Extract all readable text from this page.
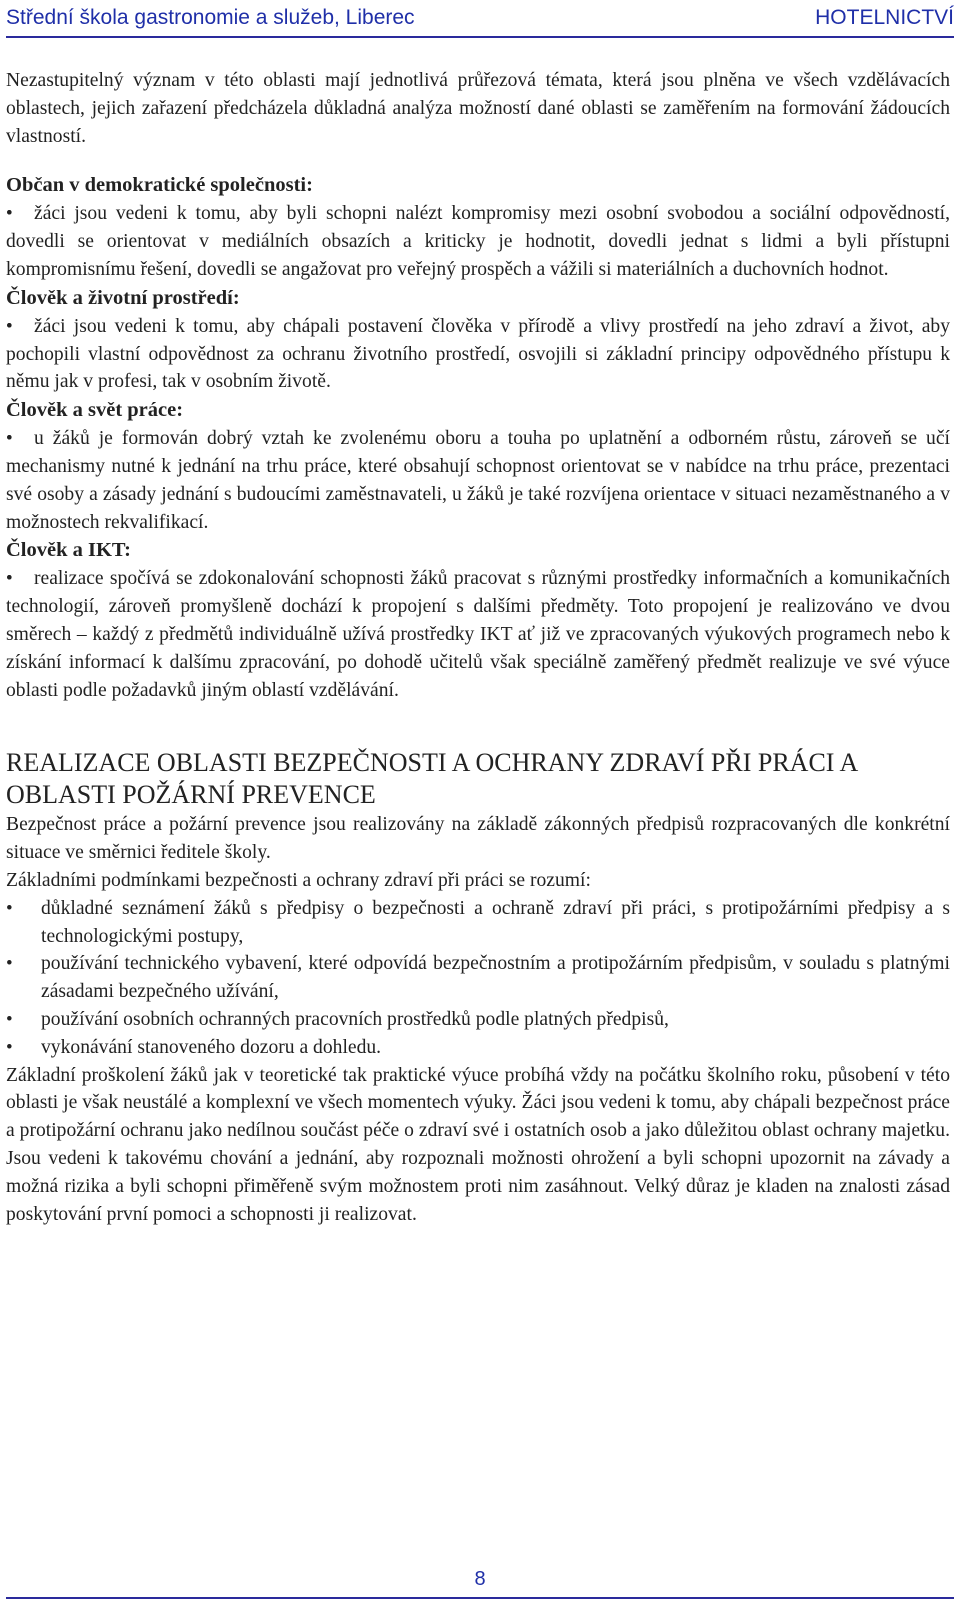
Střední škola gastronomie a služeb, Liberec	HOTELNICTVÍ

Nezastupitelný význam v této oblasti mají jednotlivá průřezová témata, která jsou plněna ve všech vzdělávacích oblastech, jejich zařazení předcházela důkladná analýza možností dané oblasti se zaměřením na formování žádoucích vlastností.

Občan v demokratické společnosti:

• • žáci jsou vedeni k tomu, aby byli schopni nalézt kompromisy mezi osobní svobodou a sociální odpovědností, dovedli se orientovat v mediálních obsazích a kriticky je hodnotit, dovedli jednat s lidmi a byli přístupni kompromisnímu řešení, dovedli se angažovat pro veřejný prospěch a vážili si materiálních a duchovních hodnot.

Člověk a životní prostředí:

• • žáci jsou vedeni k tomu, aby chápali postavení člověka v přírodě a vlivy prostředí na jeho zdraví a život, aby pochopili vlastní odpovědnost za ochranu životního prostředí, osvojili si základní principy odpovědného přístupu k němu jak v profesi, tak v osobním životě.

Člověk a svět práce:

• • u žáků je formován dobrý vztah ke zvolenému oboru a touha po uplatnění a odborném růstu, zároveň se učí mechanismy nutné k jednání na trhu práce, které obsahují schopnost orientovat se v nabídce na trhu práce, prezentaci své osoby a zásady jednání s budoucími zaměstnavateli, u žáků je také rozvíjena orientace v situaci nezaměstnaného a v možnostech rekvalifikací.

Člověk a IKT:

• • realizace spočívá se zdokonalování schopnosti žáků pracovat s různými prostředky informačních a komunikačních technologií, zároveň promyšleně dochází k propojení s dalšími předměty. Toto propojení je realizováno ve dvou směrech – každý z předmětů individuálně užívá prostředky IKT ať již ve zpracovaných výukových programech nebo k získání informací k dalšímu zpracování, po dohodě učitelů však speciálně zaměřený předmět realizuje ve své výuce oblasti podle požadavků jiným oblastí vzdělávání.

REALIZACE OBLASTI BEZPEČNOSTI A OCHRANY ZDRAVÍ PŘI PRÁCI A OBLASTI POŽÁRNÍ PREVENCE

Bezpečnost práce a požární prevence jsou realizovány na základě zákonných předpisů rozpracovaných dle konkrétní situace ve směrnici ředitele školy.

Základními podmínkami bezpečnosti a ochrany zdraví při práci se rozumí:

• důkladné seznámení žáků s předpisy o bezpečnosti a ochraně zdraví při práci, s protipožárními předpisy a s technologickými postupy,

• používání technického vybavení, které odpovídá bezpečnostním a protipožárním předpisům, v souladu s platnými zásadami bezpečného užívání,

• používání osobních ochranných pracovních prostředků podle platných předpisů,

• vykonávání stanoveného dozoru a dohledu.

Základní proškolení žáků jak v teoretické tak praktické výuce probíhá vždy na počátku školního roku, působení v této oblasti je však neustálé a komplexní ve všech momentech výuky. Žáci jsou vedeni k tomu, aby chápali bezpečnost práce a protipožární ochranu jako nedílnou součást péče o zdraví své i ostatních osob a jako důležitou oblast ochrany majetku. Jsou vedeni k takovému chování a jednání, aby rozpoznali možnosti ohrožení a byli schopni upozornit na závady a možná rizika a byli schopni přiměřeně svým možnostem proti nim zasáhnout. Velký důraz je kladen na znalosti zásad poskytování první pomoci a schopnosti ji realizovat.

8
